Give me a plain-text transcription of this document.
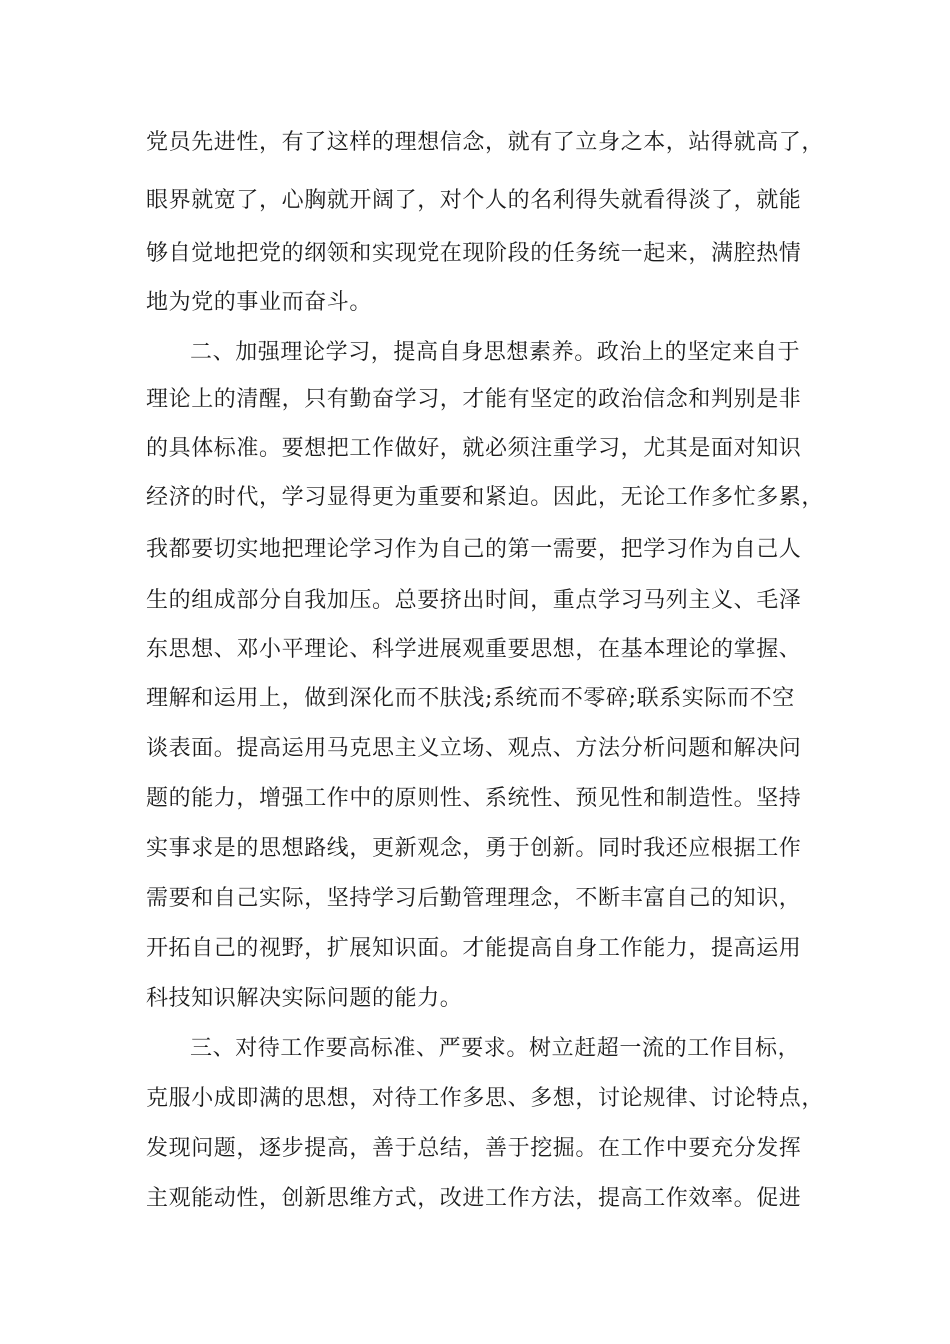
党员先进性，有了这样的理想信念，就有了立身之本，站得就高了，
眼界就宽了，心胸就开阔了，对个人的名利得失就看得淡了，就能
够自觉地把党的纲领和实现党在现阶段的任务统一起来，满腔热情
地为党的事业而奋斗。
二、加强理论学习，提高自身思想素养。政治上的坚定来自于
理论上的清醒，只有勤奋学习，才能有坚定的政治信念和判别是非
的具体标准。要想把工作做好，就必须注重学习，尤其是面对知识
经济的时代，学习显得更为重要和紧迫。因此，无论工作多忙多累，
我都要切实地把理论学习作为自己的第一需要，把学习作为自己人
生的组成部分自我加压。总要挤出时间，重点学习马列主义、毛泽
东思想、邓小平理论、科学进展观重要思想，在基本理论的掌握、
理解和运用上，做到深化而不肤浅;系统而不零碎;联系实际而不空
谈表面。提高运用马克思主义立场、观点、方法分析问题和解决问
题的能力，增强工作中的原则性、系统性、预见性和制造性。坚持
实事求是的思想路线，更新观念，勇于创新。同时我还应根据工作
需要和自己实际，坚持学习后勤管理理念，不断丰富自己的知识，
开拓自己的视野，扩展知识面。才能提高自身工作能力，提高运用
科技知识解决实际问题的能力。
三、对待工作要高标准、严要求。树立赶超一流的工作目标，
克服小成即满的思想，对待工作多思、多想，讨论规律、讨论特点，
发现问题，逐步提高，善于总结，善于挖掘。在工作中要充分发挥
主观能动性，创新思维方式，改进工作方法，提高工作效率。促进
